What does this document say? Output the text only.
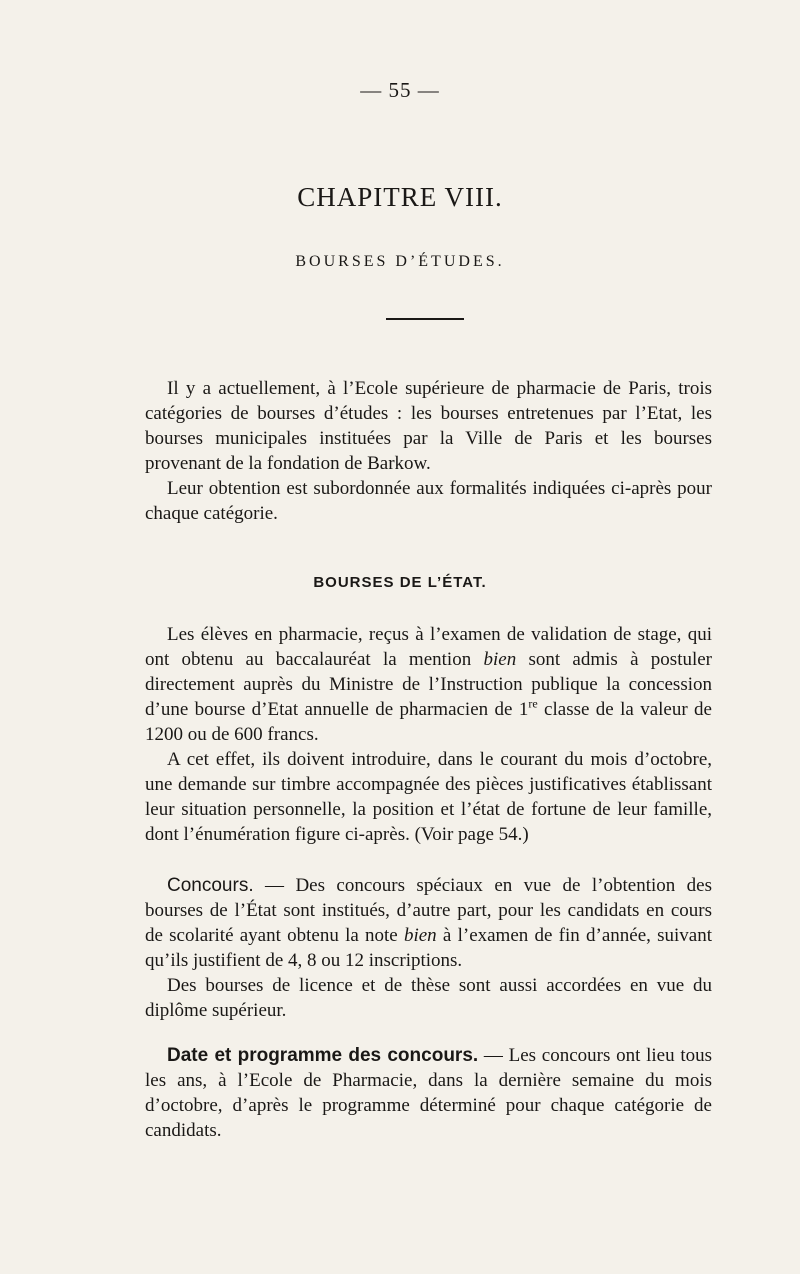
— 55 —
CHAPITRE VIII.
BOURSES D’ÉTUDES.

Il y a actuellement, à l’Ecole supérieure de pharmacie de Paris, trois catégories de bourses d’études : les bourses entretenues par l’Etat, les bourses municipales instituées par la Ville de Paris et les bourses provenant de la fondation de Barkow.

Leur obtention est subordonnée aux formalités indiquées ci-après pour chaque catégorie.

BOURSES DE L’ÉTAT.

Les élèves en pharmacie, reçus à l’examen de validation de stage, qui ont obtenu au baccalauréat la mention bien sont admis à postuler directement auprès du Ministre de l’Instruction publique la concession d’une bourse d’Etat annuelle de pharmacien de 1re classe de la valeur de 1200 ou de 600 francs.

A cet effet, ils doivent introduire, dans le courant du mois d’octobre, une demande sur timbre accompagnée des pièces justificatives établissant leur situation personnelle, la position et l’état de fortune de leur famille, dont l’énumération figure ci-après. (Voir page 54.)

Concours. — Des concours spéciaux en vue de l’obtention des bourses de l’État sont institués, d’autre part, pour les candidats en cours de scolarité ayant obtenu la note bien à l’examen de fin d’année, suivant qu’ils justifient de 4, 8 ou 12 inscriptions.

Des bourses de licence et de thèse sont aussi accordées en vue du diplôme supérieur.

Date et programme des concours. — Les concours ont lieu tous les ans, à l’Ecole de Pharmacie, dans la dernière semaine du mois d’octobre, d’après le programme déterminé pour chaque catégorie de candidats.
